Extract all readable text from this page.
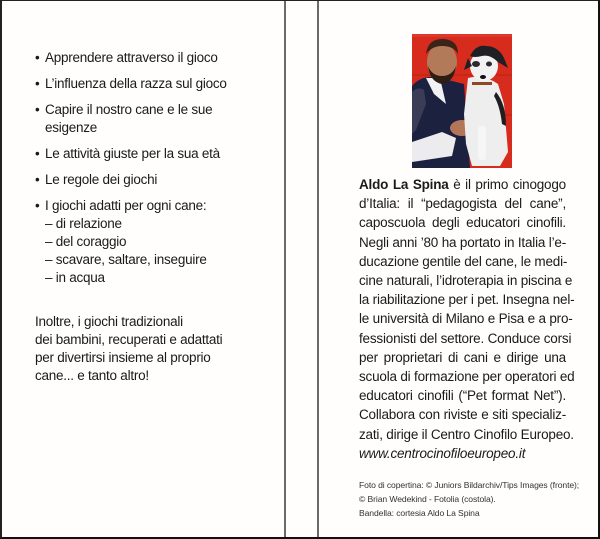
• Apprendere attraverso il gioco
• L’influenza della razza sul gioco
• Capire il nostro cane e le sue
esigenze
• Le attività giuste per la sua età
• Le regole dei giochi
• I giochi adatti per ogni cane:
– di relazione
– del coraggio
– scavare, saltare, inseguire
– in acqua

Inoltre, i giochi tradizionali
dei bambini, recuperati e adattati
per divertirsi insieme al proprio
cane... e tanto altro!

Aldo La Spina è il primo cinogogo
d’Italia: il “pedagogista del cane”,
caposcuola degli educatori cinofili.
Negli anni ’80 ha portato in Italia l’e-
ducazione gentile del cane, le medi-
cine naturali, l’idroterapia in piscina e
la riabilitazione per i pet. Insegna nel-
le università di Milano e Pisa e a pro-
fessionisti del settore. Conduce corsi
per proprietari di cani e dirige una
scuola di formazione per operatori ed
educatori cinofili (“Pet format Net”).
Collabora con riviste e siti specializ-
zati, dirige il Centro Cinofilo Europeo.
www.centrocinofiloeuropeo.it
Foto di copertina: © Juniors Bildarchiv/Tips Images (fronte);
© Brian Wedekind - Fotolia (costola).
Bandella: cortesia Aldo La Spina
